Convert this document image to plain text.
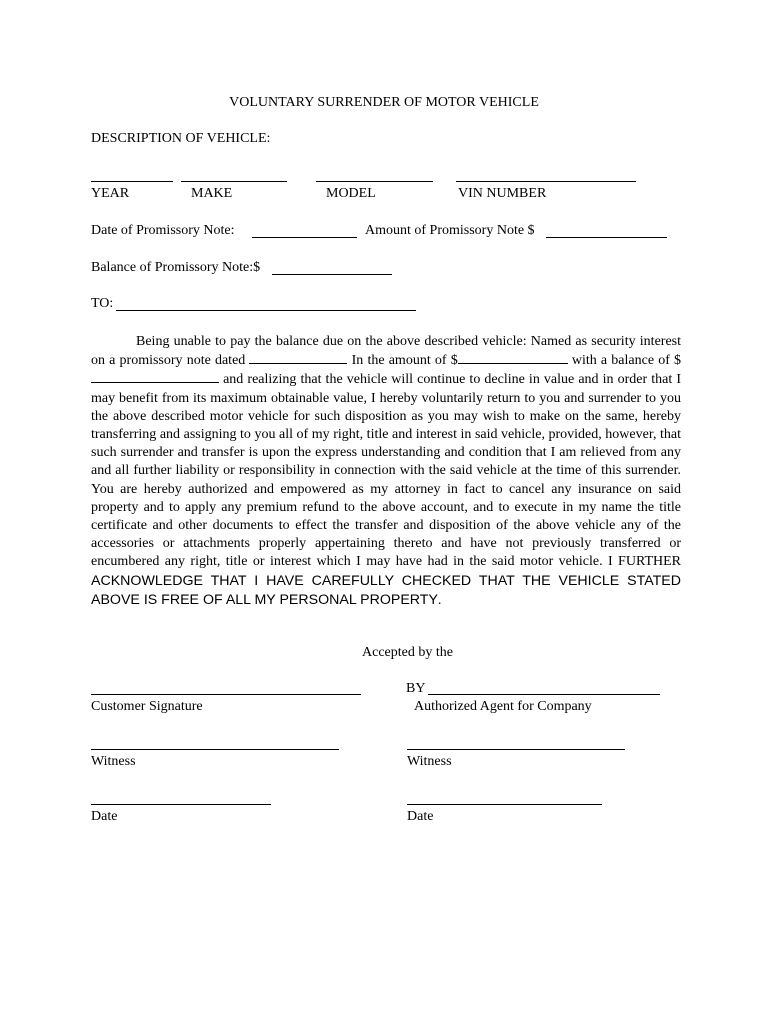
VOLUNTARY SURRENDER OF MOTOR VEHICLE
DESCRIPTION OF VEHICLE:
YEAR	MAKE	MODEL	VIN NUMBER
Date of Promissory Note:	Amount of Promissory Note $
Balance of Promissory Note:$
TO:
Being unable to pay the balance due on the above described vehicle: Named as security interest on a promissory note dated	In the amount of $	with a balance of $ and realizing that the vehicle will continue to decline in value and in order that I may benefit from its maximum obtainable value, I hereby voluntarily return to you and surrender to you the above described motor vehicle for such disposition as you may wish to make on the same, hereby transferring and assigning to you all of my right, title and interest in said vehicle, provided, however, that such surrender and transfer is upon the express understanding and condition that I am relieved from any and all further liability or responsibility in connection with the said vehicle at the time of this surrender. You are hereby authorized and empowered as my attorney in fact to cancel any insurance on said property and to apply any premium refund to the above account, and to execute in my name the title certificate and other documents to effect the transfer and disposition of the above vehicle any of the accessories or attachments properly appertaining thereto and have not previously transferred or encumbered any right, title or interest which I may have had in the said motor vehicle. I FURTHER ACKNOWLEDGE THAT I HAVE CAREFULLY CHECKED THAT THE VEHICLE STATED ABOVE IS FREE OF ALL MY PERSONAL PROPERTY.
Accepted by the
BY
Customer Signature	Authorized Agent for Company
Witness	Witness
Date	Date
